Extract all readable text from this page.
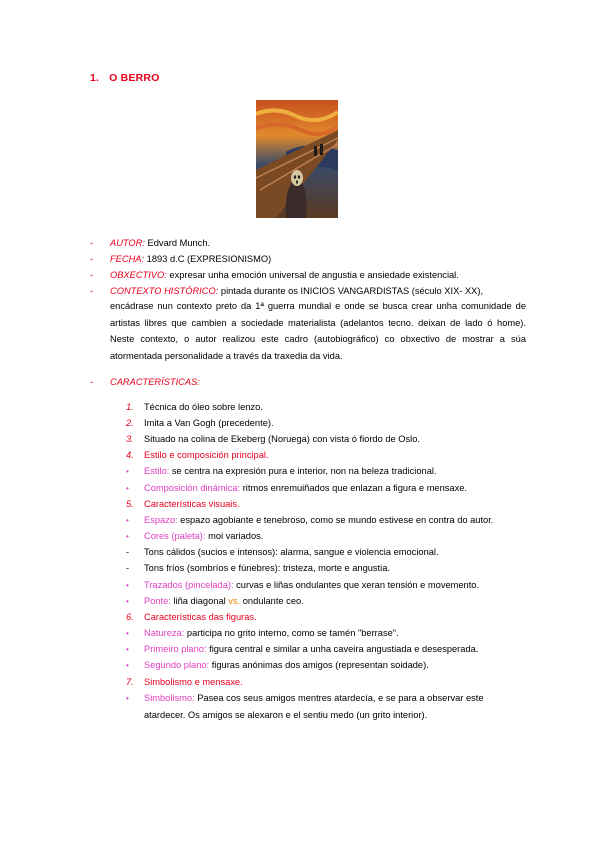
1. O BERRO
- AUTOR: Edvard Munch.
- FECHA: 1893 d.C (EXPRESIONISMO)
- OBXECTIVO: expresar unha emoción universal de angustia e ansiedade existencial.
- CONTEXTO HISTÓRICO: pintada durante os INICIOS VANGARDISTAS (século XIX- XX),

encádrase nun contexto preto da 1ª guerra mundial e onde se busca crear unha comunidade de artistas libres que cambien a sociedade materialista (adelantos tecno. deixan de lado ó home). Neste contexto, o autor realizou este cadro (autobiográfico) co obxectivo de mostrar a súa atormentada personalidade a través da traxedia da vida.

- CARACTERÍSTICAS:
1. Técnica do óleo sobre lenzo.
2. Imita a Van Gogh (precedente).
3. Situado na colina de Ekeberg (Noruega) con vista ó fiordo de Oslo.
4. Estilo e composición principal.
• Estilo: se centra na expresión pura e interior, non na beleza tradicional.
• Composición dinámica: ritmos enremuiñados que enlazan a figura e mensaxe.
5. Características visuais.
• Espazo: espazo agobiante e tenebroso, como se mundo estivese en contra do autor.
• Cores (paleta): moi variados.
- Tons cálidos (sucios e intensos): alarma, sangue e violencia emocional.
- Tons fríos (sombríos e fúnebres): tristeza, morte e angustia.
• Trazados (pincelada): curvas e liñas ondulantes que xeran tensión e movemento.
• Ponte: liña diagonal vs. ondulante ceo.
6. Características das figuras.
• Natureza: participa no grito interno, como se tamén "berrase".
• Primeiro plano: figura central e similar a unha caveira angustiada e desesperada.
• Segundo plano: figuras anónimas dos amigos (representan soidade).
7. Simbolismo e mensaxe.
•	Simbolismo: Pasea cos seus amigos mentres atardecía, e se para a observar este atardecer. Os amigos se alexaron e el sentiu medo (un grito interior).
